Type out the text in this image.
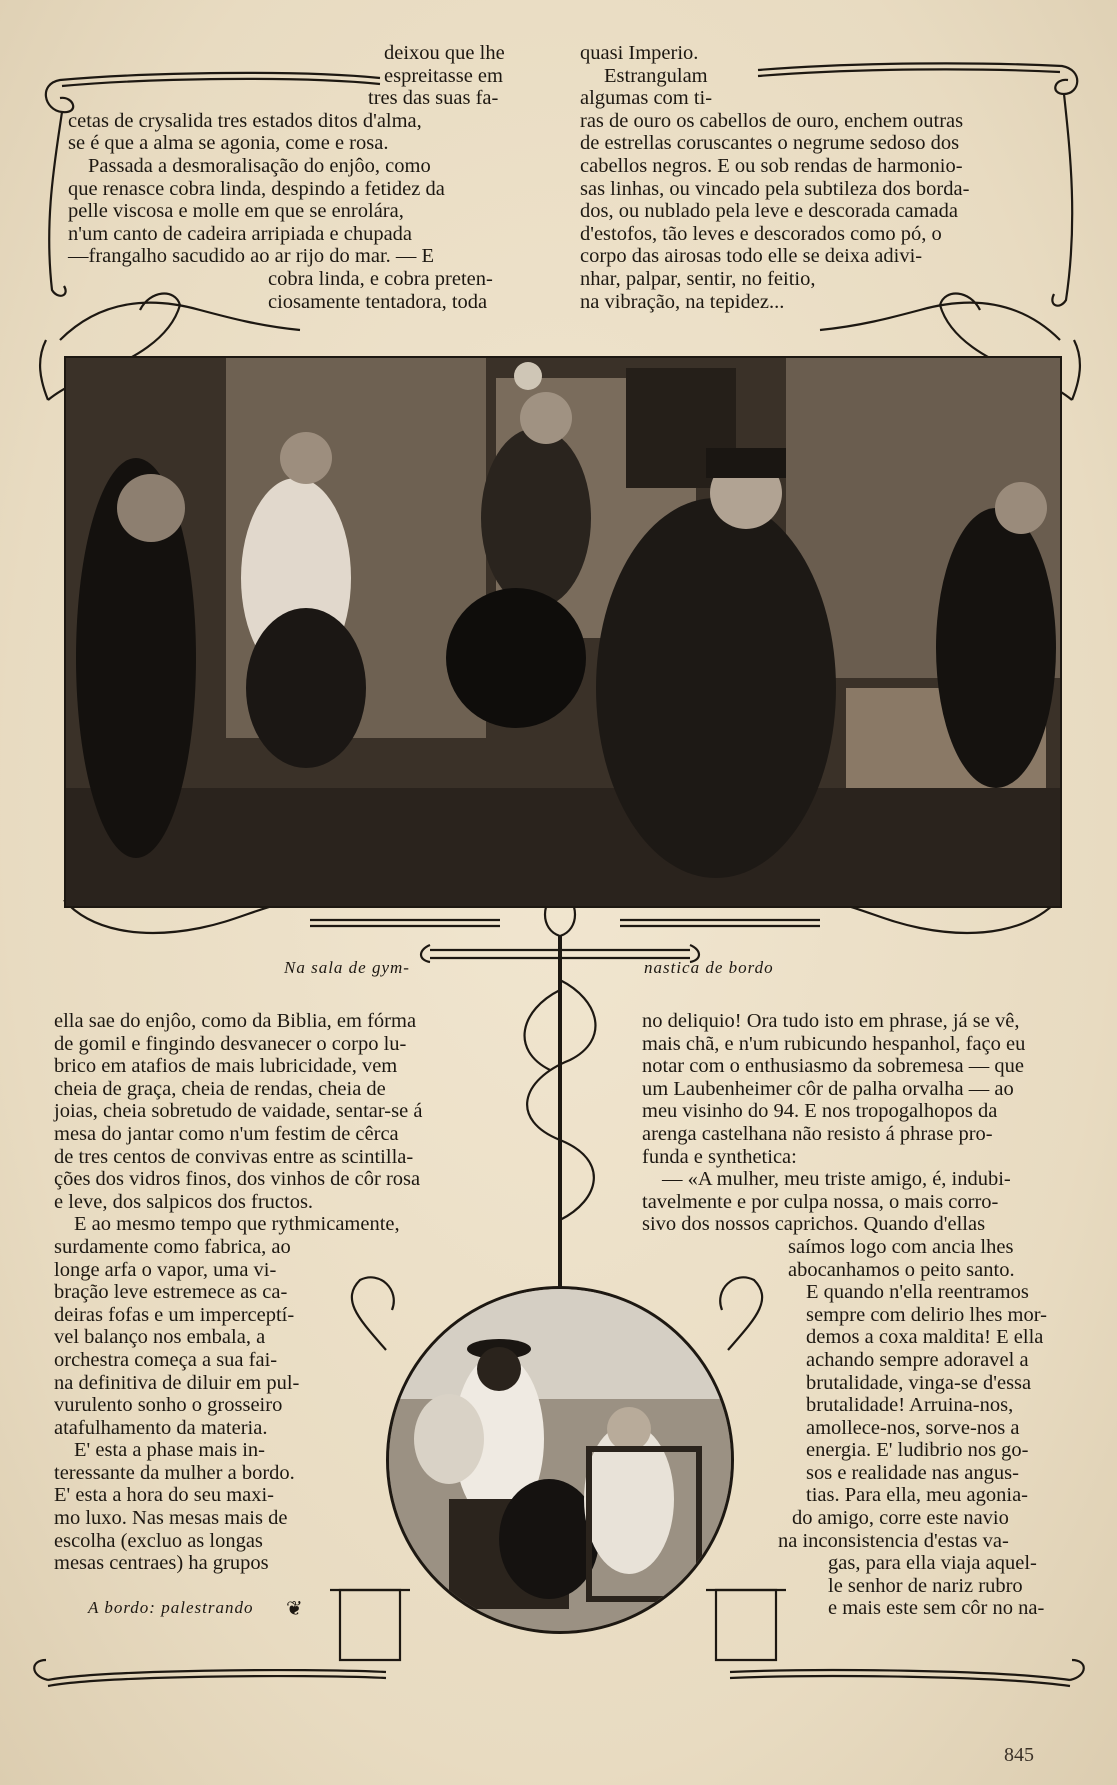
deixou que lhe

espreitasse em

tres das suas fa-

cetas de crysalida tres estados ditos d'alma,

se é que a alma se agonia, come e rosa.

Passada a desmoralisação do enjôo, como

que renasce cobra linda, despindo a fetidez da

pelle viscosa e molle em que se enrolára,

n'um canto de cadeira arripiada e chupada

—frangalho sacudido ao ar rijo do mar. — E

cobra linda, e cobra preten-

ciosamente tentadora, toda

quasi Imperio.

Estrangulam

algumas com ti-

ras de ouro os cabellos de ouro, enchem outras

de estrellas coruscantes o negrume sedoso dos

cabellos negros. E ou sob rendas de harmonio-

sas linhas, ou vincado pela subtileza dos borda-

dos, ou nublado pela leve e descorada camada

d'estofos, tão leves e descorados como pó, o

corpo das airosas todo elle se deixa adivi-

nhar, palpar, sentir, no feitio,

na vibração, na tepidez...

Na sala de gym-	nastica de bordo

ella sae do enjôo, como da Biblia, em fórma

de gomil e fingindo desvanecer o corpo lu-

brico em atafios de mais lubricidade, vem

cheia de graça, cheia de rendas, cheia de

joias, cheia sobretudo de vaidade, sentar-se á

mesa do jantar como n'um festim de cêrca

de tres centos de convivas entre as scintilla-

ções dos vidros finos, dos vinhos de côr rosa

e leve, dos salpicos dos fructos.

E ao mesmo tempo que rythmicamente,

surdamente como fabrica, ao

longe arfa o vapor, uma vi-

bração leve estremece as ca-

deiras fofas e um imperceptí-

vel balanço nos embala, a

orchestra começa a sua fai-

na definitiva de diluir em pul-

vurulento sonho o grosseiro

atafulhamento da materia.

E' esta a phase mais in-

teressante da mulher a bordo.

E' esta a hora do seu maxi-

mo luxo. Nas mesas mais de

escolha (excluo as longas

mesas centraes) ha grupos

A bordo: palestrando ❦

no deliquio! Ora tudo isto em phrase, já se vê,

mais chã, e n'um rubicundo hespanhol, faço eu

notar com o enthusiasmo da sobremesa — que

um Laubenheimer côr de palha orvalha — ao

meu visinho do 94. E nos tropogalhopos da

arenga castelhana não resisto á phrase pro-

funda e synthetica:

— «A mulher, meu triste amigo, é, indubi-

tavelmente e por culpa nossa, o mais corro-

sivo dos nossos caprichos. Quando d'ellas

saímos logo com ancia lhes

abocanhamos o peito santo.

E quando n'ella reentramos

sempre com delirio lhes mor-

demos a coxa maldita! E ella

achando sempre adoravel a

brutalidade, vinga-se d'essa

brutalidade! Arruina-nos,

amollece-nos, sorve-nos a

energia. E' ludibrio nos go-

sos e realidade nas angus-

tias. Para ella, meu agonia-

do amigo, corre este navio

na inconsistencia d'estas va-

gas, para ella viaja aquel-

le senhor de nariz rubro

e mais este sem côr no na-

845
